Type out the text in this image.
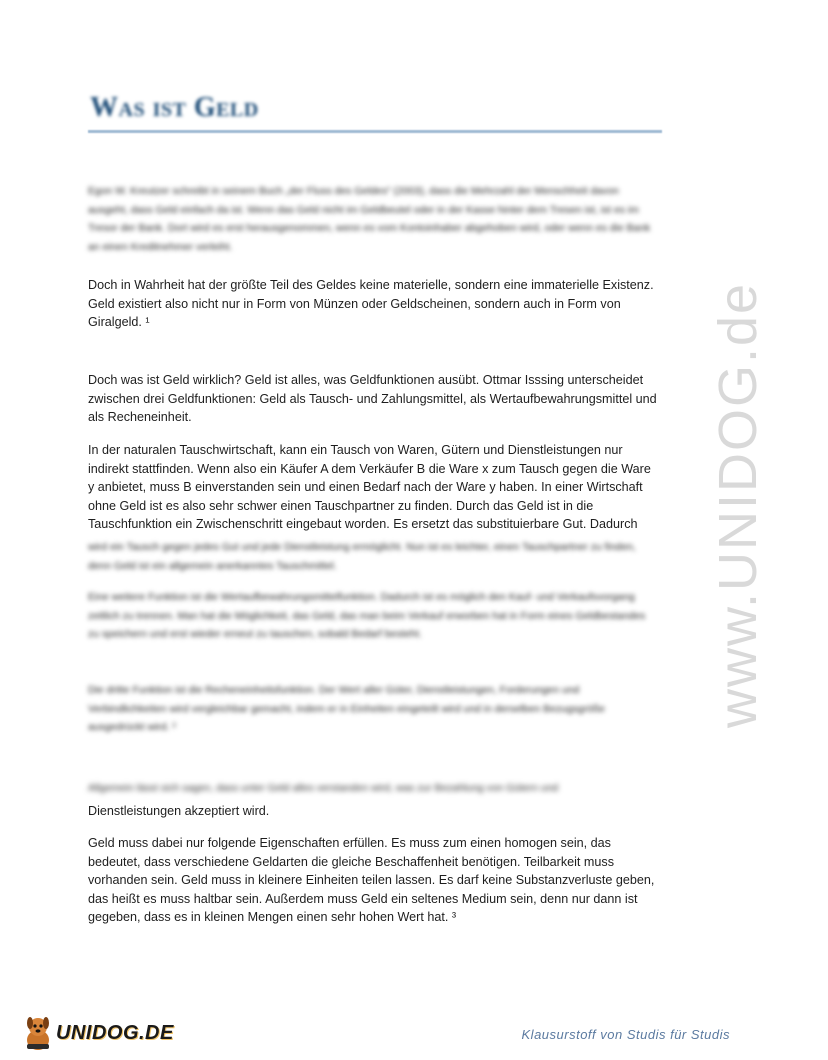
Was ist Geld

Egon W. Kreutzer schreibt in seinem Buch „der Fluss des Geldes“ (2003), dass die Mehrzahl der Menschheit davon ausgeht, dass Geld einfach da ist. Wenn das Geld nicht im Geldbeutel oder in der Kasse hinter dem Tresen ist, ist es im Tresor der Bank. Dort wird es erst herausgenommen, wenn es vom Kontoinhaber abgehoben wird, oder wenn es die Bank an einen Kreditnehmer verleiht.

Doch in Wahrheit hat der größte Teil des Geldes keine materielle, sondern eine immaterielle Existenz. Geld existiert also nicht nur in Form von Münzen oder Geldscheinen, sondern auch in Form von Giralgeld. ¹

Doch was ist Geld wirklich? Geld ist alles, was Geldfunktionen ausübt. Ottmar Isssing unterscheidet zwischen drei Geldfunktionen: Geld als Tausch- und Zahlungsmittel, als Wertaufbewahrungsmittel und als Recheneinheit.

In der naturalen Tauschwirtschaft, kann ein Tausch von Waren, Gütern und Dienstleistungen nur indirekt stattfinden. Wenn also ein Käufer A dem Verkäufer B die Ware x zum Tausch gegen die Ware y anbietet, muss B einverstanden sein und einen Bedarf nach der Ware y haben. In einer Wirtschaft ohne Geld ist es also sehr schwer einen Tauschpartner zu finden. Durch das Geld ist in die Tauschfunktion ein Zwischenschritt eingebaut worden. Es ersetzt das substituierbare Gut. Dadurch

wird ein Tausch gegen jedes Gut und jede Dienstleistung ermöglicht. Nun ist es leichter, einen Tauschpartner zu finden, denn Geld ist ein allgemein anerkanntes Tauschmittel.

Eine weitere Funktion ist die Wertaufbewahrungsmittelfunktion. Dadurch ist es möglich den Kauf- und Verkaufsvorgang zeitlich zu trennen. Man hat die Möglichkeit, das Geld, das man beim Verkauf erworben hat in Form eines Geldbestandes zu speichern und erst wieder erneut zu tauschen, sobald Bedarf besteht.

Die dritte Funktion ist die Recheneinheitsfunktion. Der Wert aller Güter, Dienstleistungen, Forderungen und Verbindlichkeiten wird vergleichbar gemacht, indem er in Einheiten eingeteilt wird und in derselben Bezugsgröße ausgedrückt wird. ²

Allgemein lässt sich sagen, dass unter Geld alles verstanden wird, was zur Bezahlung von Gütern und

Dienstleistungen akzeptiert wird.

Geld muss dabei nur folgende Eigenschaften erfüllen. Es muss zum einen homogen sein, das bedeutet, dass verschiedene Geldarten die gleiche Beschaffenheit benötigen. Teilbarkeit muss vorhanden sein. Geld muss in kleinere Einheiten teilen lassen. Es darf keine Substanzverluste geben, das heißt es muss haltbar sein. Außerdem muss Geld ein seltenes Medium sein, denn nur dann ist gegeben, dass es in kleinen Mengen einen sehr hohen Wert hat. ³

www.UNIDOG.de
UNIDOG.DE	Klausurstoff von Studis für Studis
